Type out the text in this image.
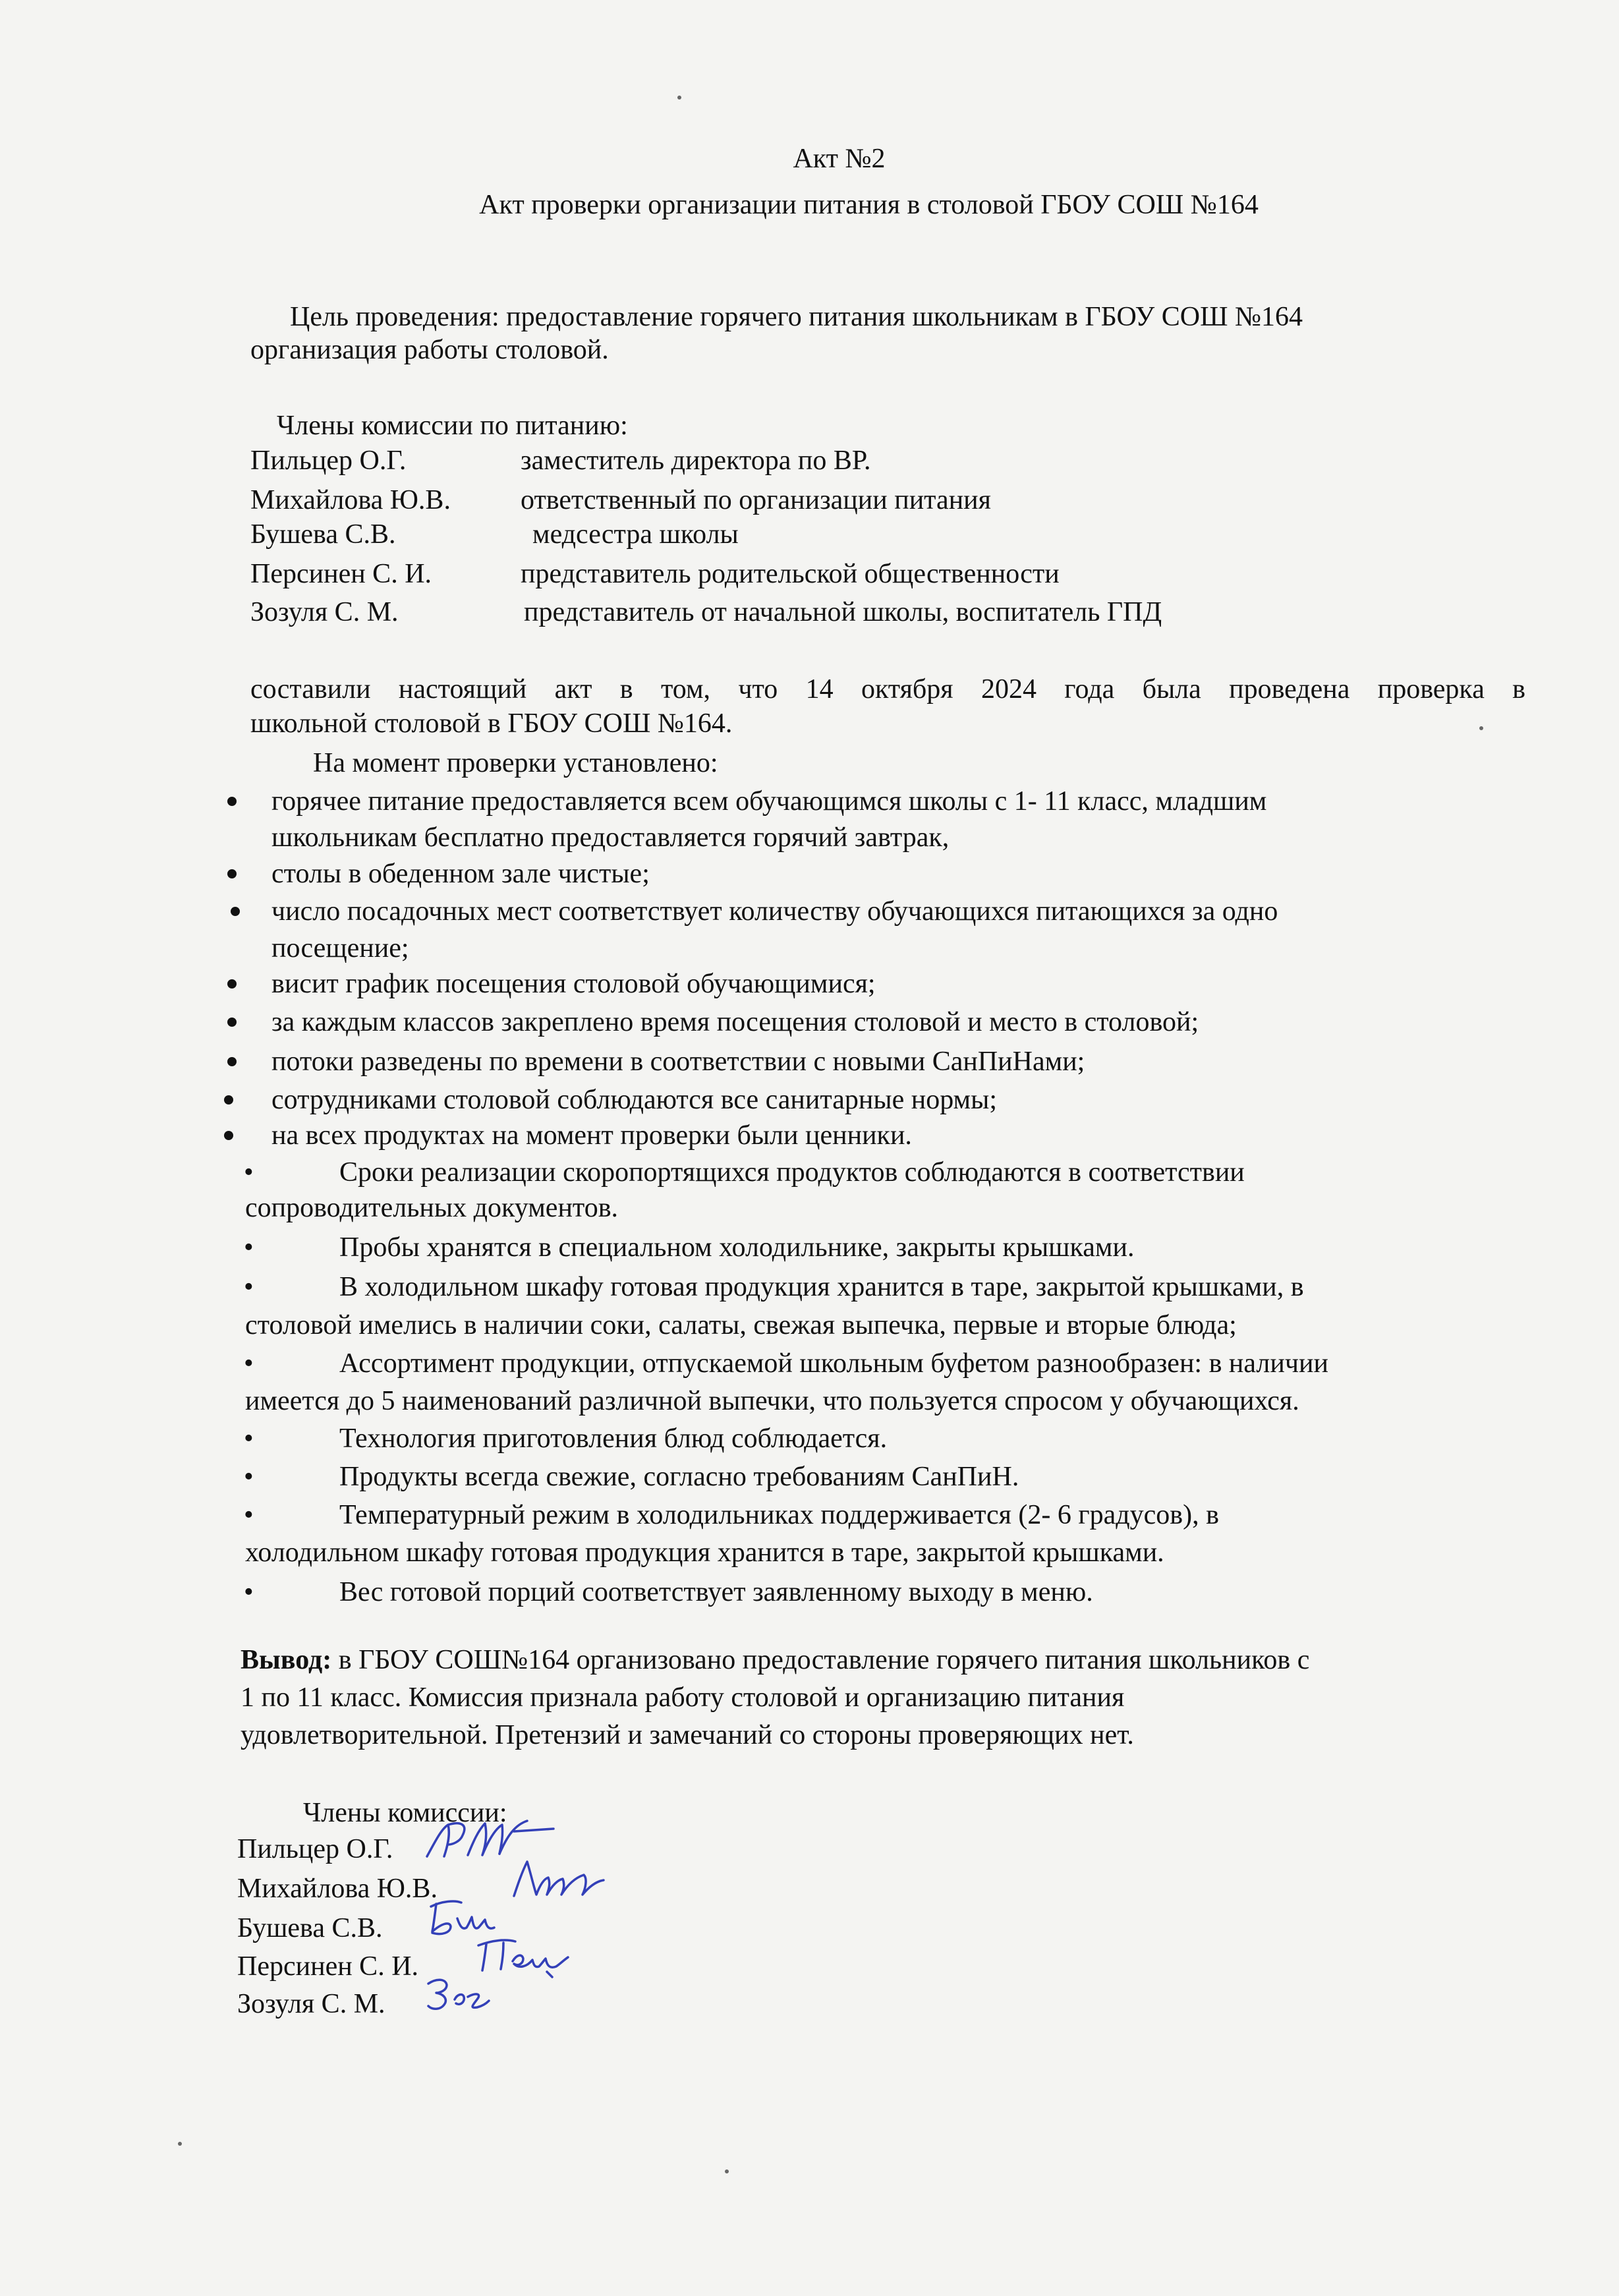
Акт №2
Акт проверки организации питания в столовой ГБОУ СОШ №164
Цель проведения: предоставление горячего питания школьникам в ГБОУ СОШ №164
организация работы столовой.
Члены комиссии по питанию:
Пильцер О.Г.	заместитель директора по ВР.
Михайлова Ю.В.	ответственный по организации питания
Бушева С.В.	медсестра школы
Персинен С. И.	представитель родительской общественности
Зозуля С. М.	представитель от начальной школы, воспитатель ГПД
составили настоящий акт в том, что 14 октября 2024 года была проведена проверка в
школьной столовой в ГБОУ СОШ №164.
На момент проверки установлено:
горячее питание предоставляется всем обучающимся школы с 1- 11 класс, младшим
школьникам бесплатно предоставляется горячий завтрак,
столы в обеденном зале чистые;
число посадочных мест соответствует количеству обучающихся питающихся за одно
посещение;
висит график посещения столовой обучающимися;
за каждым классов закреплено время посещения столовой и место в столовой;
потоки разведены по времени в соответствии с новыми СанПиНами;
сотрудниками столовой соблюдаются все санитарные нормы;
на всех продуктах на момент проверки были ценники.
•	Сроки реализации скоропортящихся продуктов соблюдаются в соответствии
сопроводительных документов.
•	Пробы хранятся в специальном холодильнике, закрыты крышками.
•	В холодильном шкафу готовая продукция хранится в таре, закрытой крышками, в
столовой имелись в наличии соки, салаты, свежая выпечка, первые и вторые блюда;
•	Ассортимент продукции, отпускаемой школьным буфетом разнообразен: в наличии
имеется до 5 наименований различной выпечки, что пользуется спросом у обучающихся.
•	Технология приготовления блюд соблюдается.
•	Продукты всегда свежие, согласно требованиям СанПиН.
•	Температурный режим в холодильниках поддерживается (2- 6 градусов), в
холодильном шкафу готовая продукция хранится в таре, закрытой крышками.
•	Вес готовой порций соответствует заявленному выходу в меню.
Вывод: в ГБОУ СОШ№164 организовано предоставление горячего питания школьников с
1 по 11 класс. Комиссия признала работу столовой и организацию питания
удовлетворительной. Претензий и замечаний со стороны проверяющих нет.
Члены комиссии:
Пильцер О.Г.
Михайлова Ю.В.
Бушева С.В.
Персинен С. И.
Зозуля С. М.
